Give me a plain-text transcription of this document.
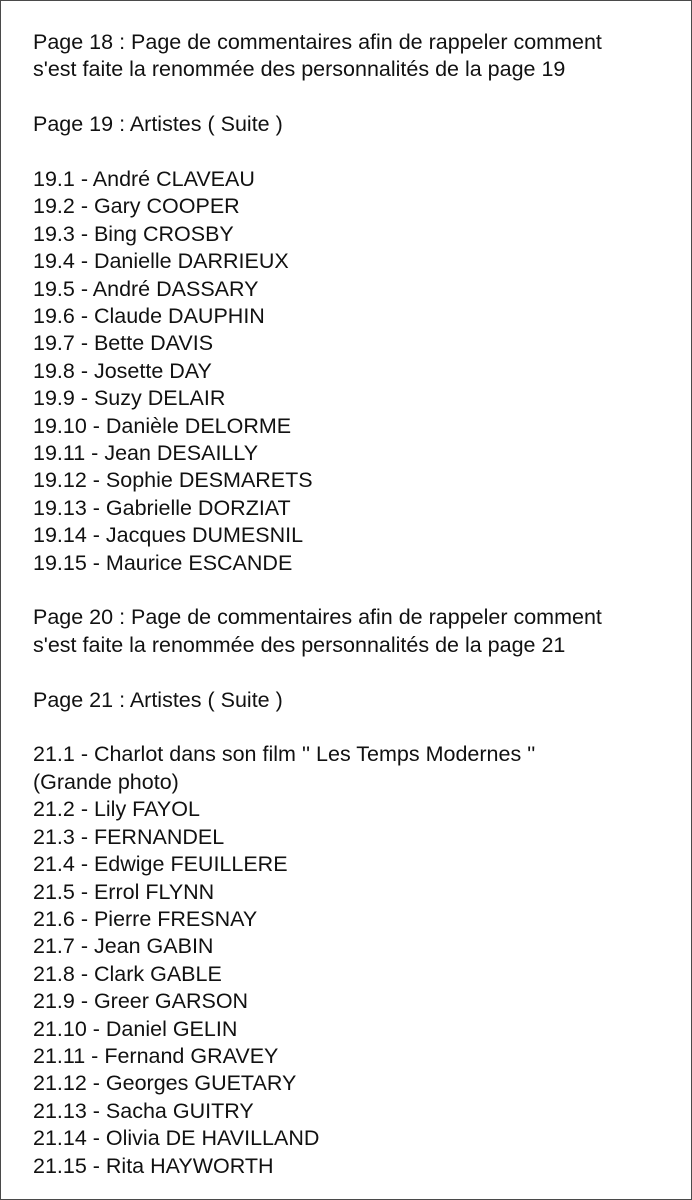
Page 18 : Page de commentaires afin de rappeler comment

s'est faite la renommée des personnalités de la page 19

Page 19 : Artistes ( Suite )

19.1 - André CLAVEAU
19.2 - Gary COOPER
19.3 - Bing CROSBY
19.4 - Danielle DARRIEUX
19.5 - André DASSARY
19.6 - Claude DAUPHIN
19.7 - Bette DAVIS
19.8 - Josette DAY
19.9 - Suzy DELAIR
19.10 - Danièle DELORME
19.11 - Jean DESAILLY
19.12 - Sophie DESMARETS
19.13 - Gabrielle DORZIAT
19.14 - Jacques DUMESNIL
19.15 - Maurice ESCANDE

Page 20 : Page de commentaires afin de rappeler comment

s'est faite la renommée des personnalités de la page 21

Page 21 : Artistes ( Suite )

21.1 - Charlot dans son film '' Les Temps Modernes ''
(Grande photo)
21.2 - Lily FAYOL
21.3 - FERNANDEL
21.4 - Edwige FEUILLERE
21.5 - Errol FLYNN
21.6 - Pierre FRESNAY
21.7 - Jean GABIN
21.8 - Clark GABLE
21.9 - Greer GARSON
21.10 - Daniel GELIN
21.11 - Fernand GRAVEY
21.12 - Georges GUETARY
21.13 - Sacha GUITRY
21.14 - Olivia DE HAVILLAND
21.15 - Rita HAYWORTH
